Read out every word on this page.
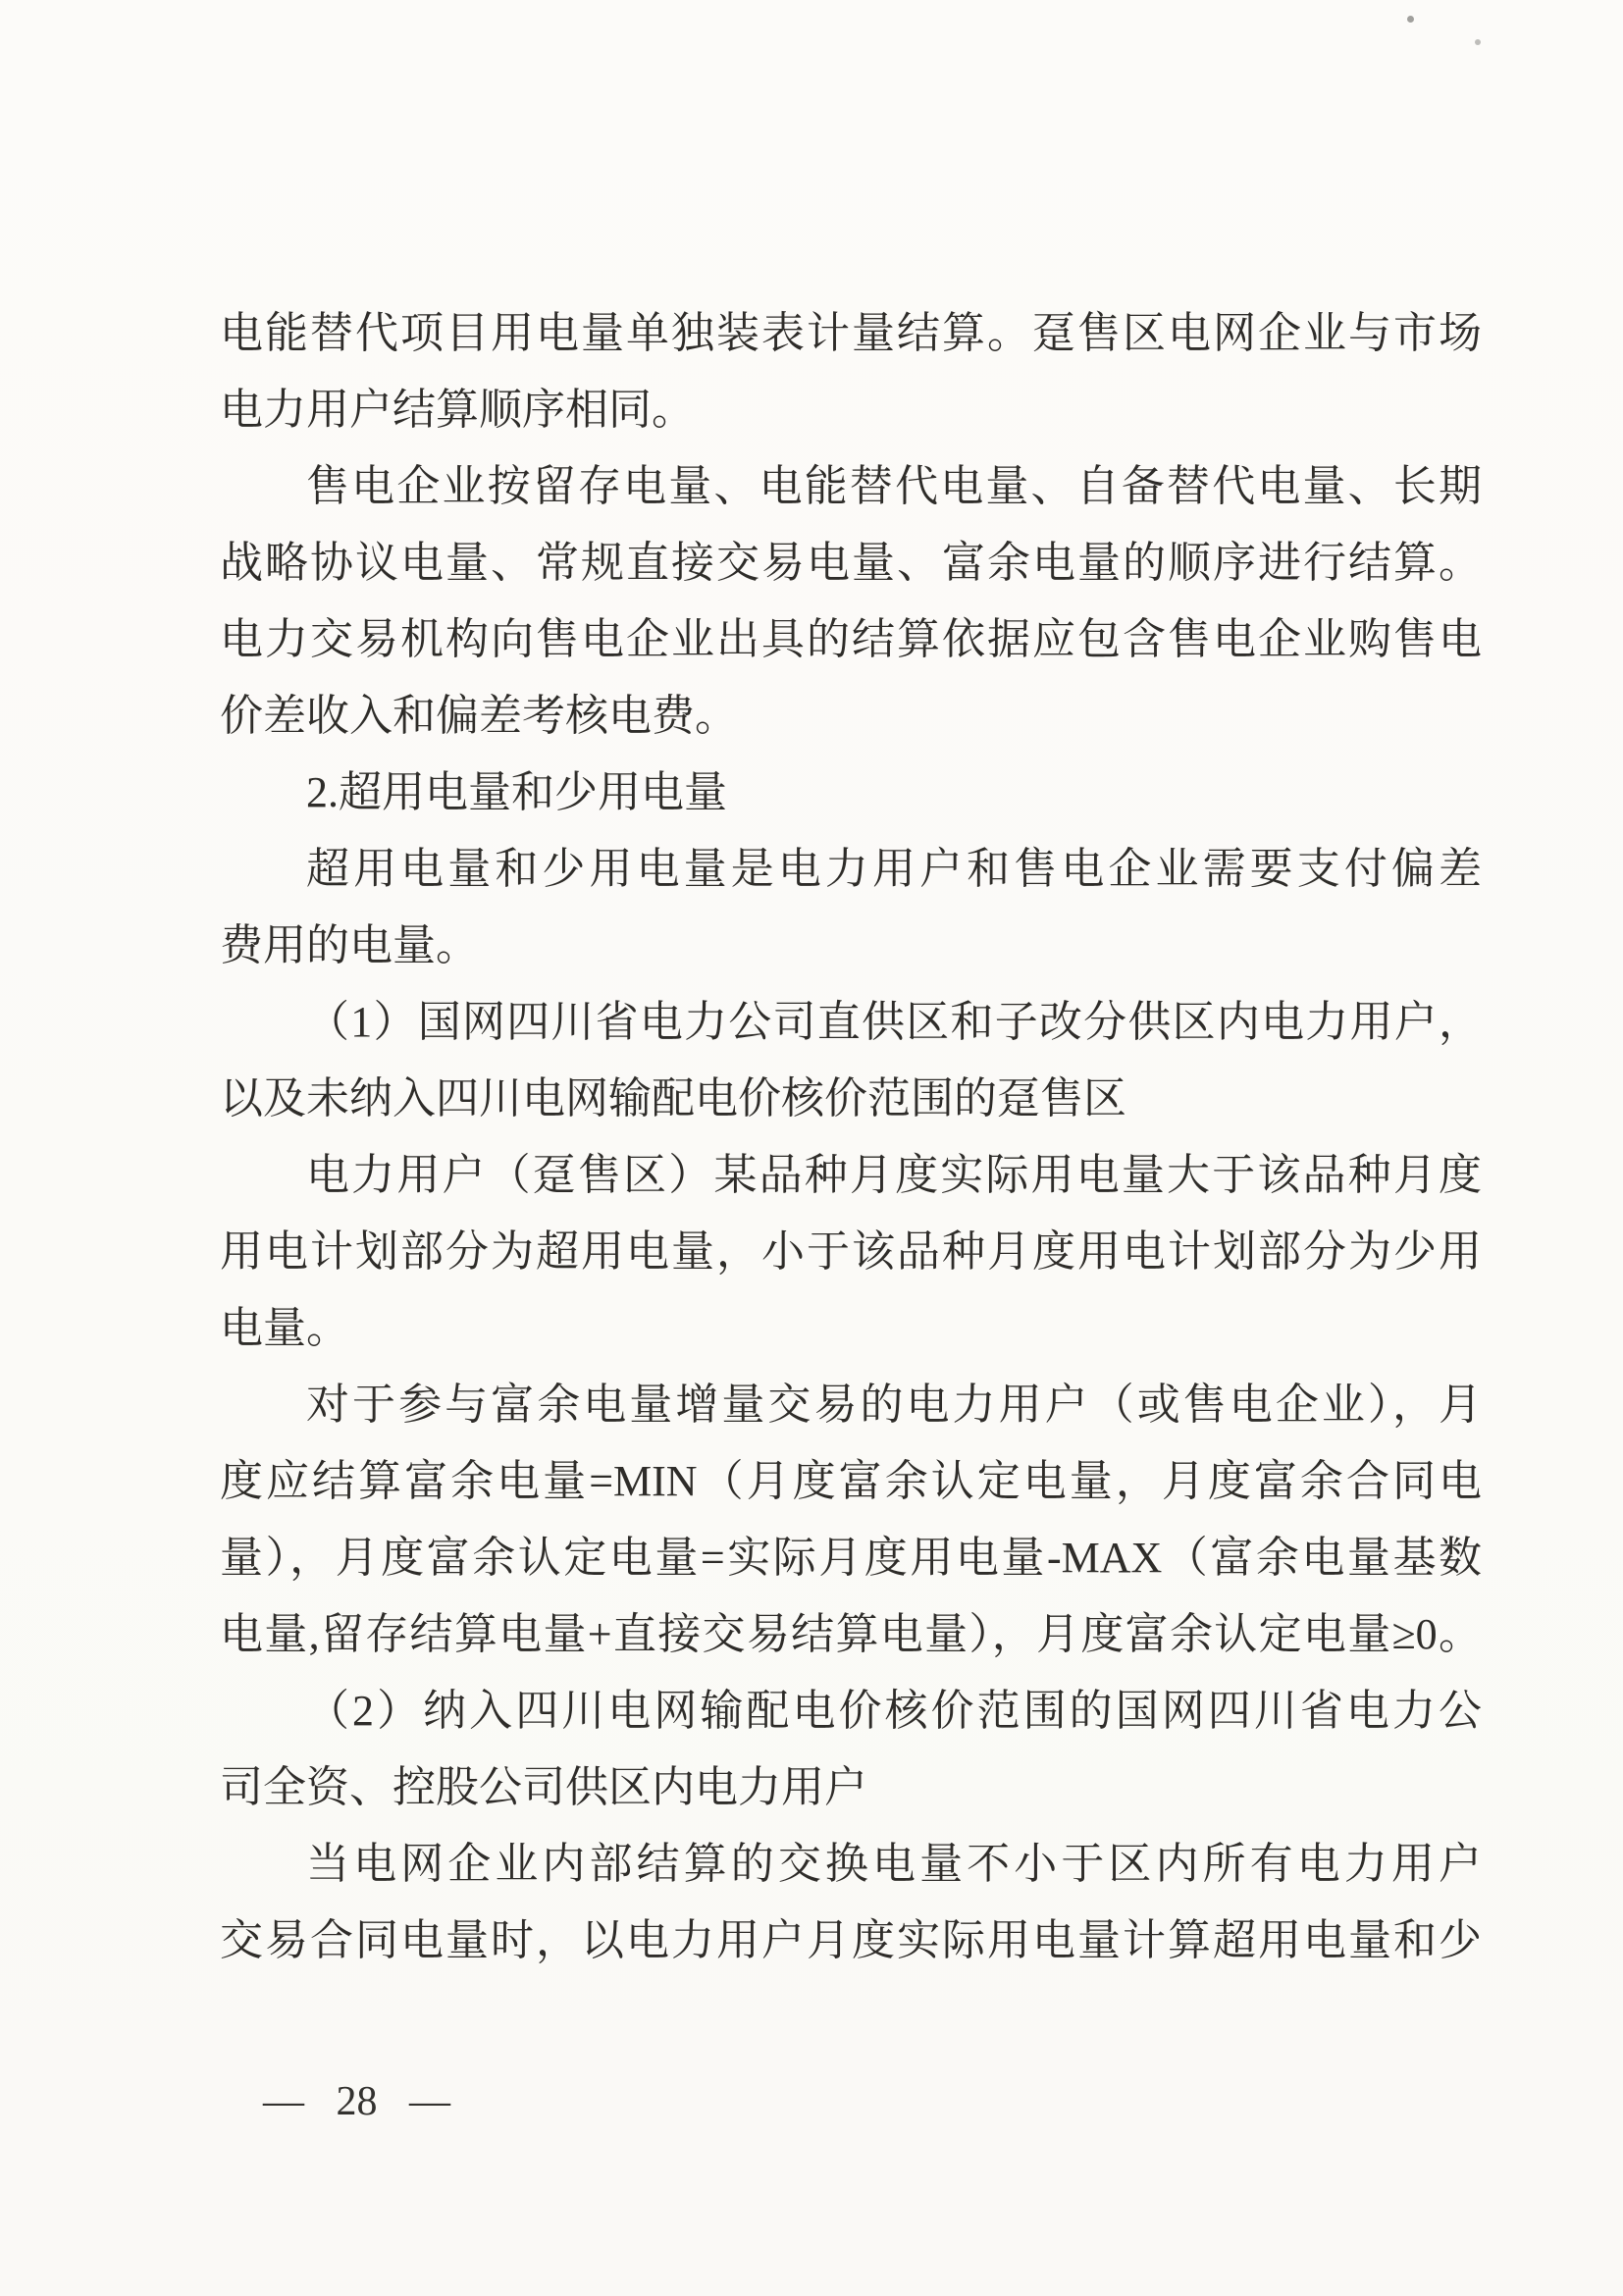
电能替代项目用电量单独装表计量结算。趸售区电网企业与市场
电力用户结算顺序相同。
售电企业按留存电量、电能替代电量、自备替代电量、长期
战略协议电量、常规直接交易电量、富余电量的顺序进行结算。
电力交易机构向售电企业出具的结算依据应包含售电企业购售电
价差收入和偏差考核电费。
2.超用电量和少用电量
超用电量和少用电量是电力用户和售电企业需要支付偏差
费用的电量。
（1）国网四川省电力公司直供区和子改分供区内电力用户，
以及未纳入四川电网输配电价核价范围的趸售区
电力用户（趸售区）某品种月度实际用电量大于该品种月度
用电计划部分为超用电量，小于该品种月度用电计划部分为少用
电量。
对于参与富余电量增量交易的电力用户（或售电企业），月
度应结算富余电量=MIN（月度富余认定电量，月度富余合同电
量），月度富余认定电量=实际月度用电量-MAX（富余电量基数
电量,留存结算电量+直接交易结算电量），月度富余认定电量≥0。
（2）纳入四川电网输配电价核价范围的国网四川省电力公
司全资、控股公司供区内电力用户
当电网企业内部结算的交换电量不小于区内所有电力用户
交易合同电量时，以电力用户月度实际用电量计算超用电量和少
— 28 —
